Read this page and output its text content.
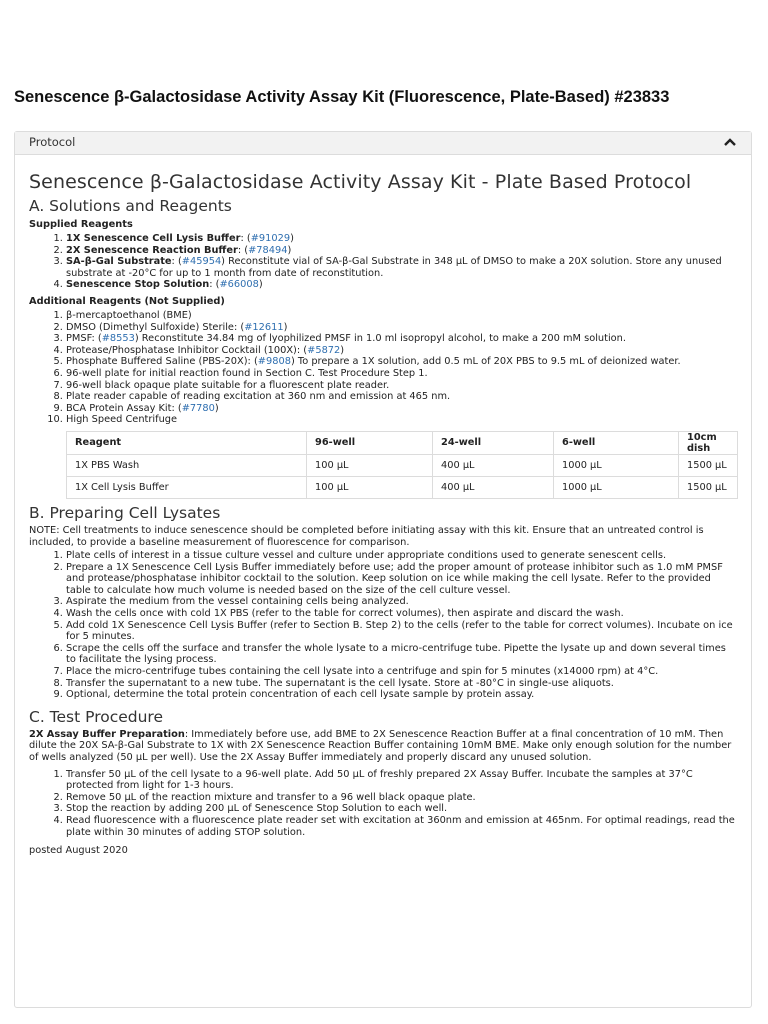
Senescence β-Galactosidase Activity Assay Kit (Fluorescence, Plate-Based) #23833
Protocol
Senescence β-Galactosidase Activity Assay Kit - Plate Based Protocol
A. Solutions and Reagents
Supplied Reagents
1. 1X Senescence Cell Lysis Buffer: (#91029)
2. 2X Senescence Reaction Buffer: (#78494)
3. SA-β-Gal Substrate: (#45954) Reconstitute vial of SA-β-Gal Substrate in 348 µL of DMSO to make a 20X solution. Store any unused substrate at -20°C for up to 1 month from date of reconstitution.
4. Senescence Stop Solution: (#66008)
Additional Reagents (Not Supplied)
1. β-mercaptoethanol (BME)
2. DMSO (Dimethyl Sulfoxide) Sterile: (#12611)
3. PMSF: (#8553) Reconstitute 34.84 mg of lyophilized PMSF in 1.0 ml isopropyl alcohol, to make a 200 mM solution.
4. Protease/Phosphatase Inhibitor Cocktail (100X): (#5872)
5. Phosphate Buffered Saline (PBS-20X): (#9808) To prepare a 1X solution, add 0.5 mL of 20X PBS to 9.5 mL of deionized water.
6. 96-well plate for initial reaction found in Section C. Test Procedure Step 1.
7. 96-well black opaque plate suitable for a fluorescent plate reader.
8. Plate reader capable of reading excitation at 360 nm and emission at 465 nm.
9. BCA Protein Assay Kit: (#7780)
10. High Speed Centrifuge
Reagent	96-well	24-well	6-well	10cm dish
1X PBS Wash	100 µL	400 µL	1000 µL	1500 µL
1X Cell Lysis Buffer	100 µL	400 µL	1000 µL	1500 µL
B. Preparing Cell Lysates

NOTE: Cell treatments to induce senescence should be completed before initiating assay with this kit. Ensure that an untreated control is included, to provide a baseline measurement of fluorescence for comparison.

1. Plate cells of interest in a tissue culture vessel and culture under appropriate conditions used to generate senescent cells.
2. Prepare a 1X Senescence Cell Lysis Buffer immediately before use; add the proper amount of protease inhibitor such as 1.0 mM PMSF and protease/phosphatase inhibitor cocktail to the solution. Keep solution on ice while making the cell lysate. Refer to the provided table to calculate how much volume is needed based on the size of the cell culture vessel.
3. Aspirate the medium from the vessel containing cells being analyzed.
4. Wash the cells once with cold 1X PBS (refer to the table for correct volumes), then aspirate and discard the wash.
5. Add cold 1X Senescence Cell Lysis Buffer (refer to Section B. Step 2) to the cells (refer to the table for correct volumes). Incubate on ice for 5 minutes.
6. Scrape the cells off the surface and transfer the whole lysate to a micro-centrifuge tube. Pipette the lysate up and down several times to facilitate the lysing process.
7. Place the micro-centrifuge tubes containing the cell lysate into a centrifuge and spin for 5 minutes (x14000 rpm) at 4°C.
8. Transfer the supernatant to a new tube. The supernatant is the cell lysate. Store at -80°C in single-use aliquots.
9. Optional, determine the total protein concentration of each cell lysate sample by protein assay.
C. Test Procedure

2X Assay Buffer Preparation: Immediately before use, add BME to 2X Senescence Reaction Buffer at a final concentration of 10 mM. Then dilute the 20X SA-β-Gal Substrate to 1X with 2X Senescence Reaction Buffer containing 10mM BME. Make only enough solution for the number of wells analyzed (50 µL per well). Use the 2X Assay Buffer immediately and properly discard any unused solution.

1. Transfer 50 µL of the cell lysate to a 96-well plate. Add 50 µL of freshly prepared 2X Assay Buffer. Incubate the samples at 37°C protected from light for 1-3 hours.
2. Remove 50 µL of the reaction mixture and transfer to a 96 well black opaque plate.
3. Stop the reaction by adding 200 µL of Senescence Stop Solution to each well.
4. Read fluorescence with a fluorescence plate reader set with excitation at 360nm and emission at 465nm. For optimal readings, read the plate within 30 minutes of adding STOP solution.
posted August 2020
